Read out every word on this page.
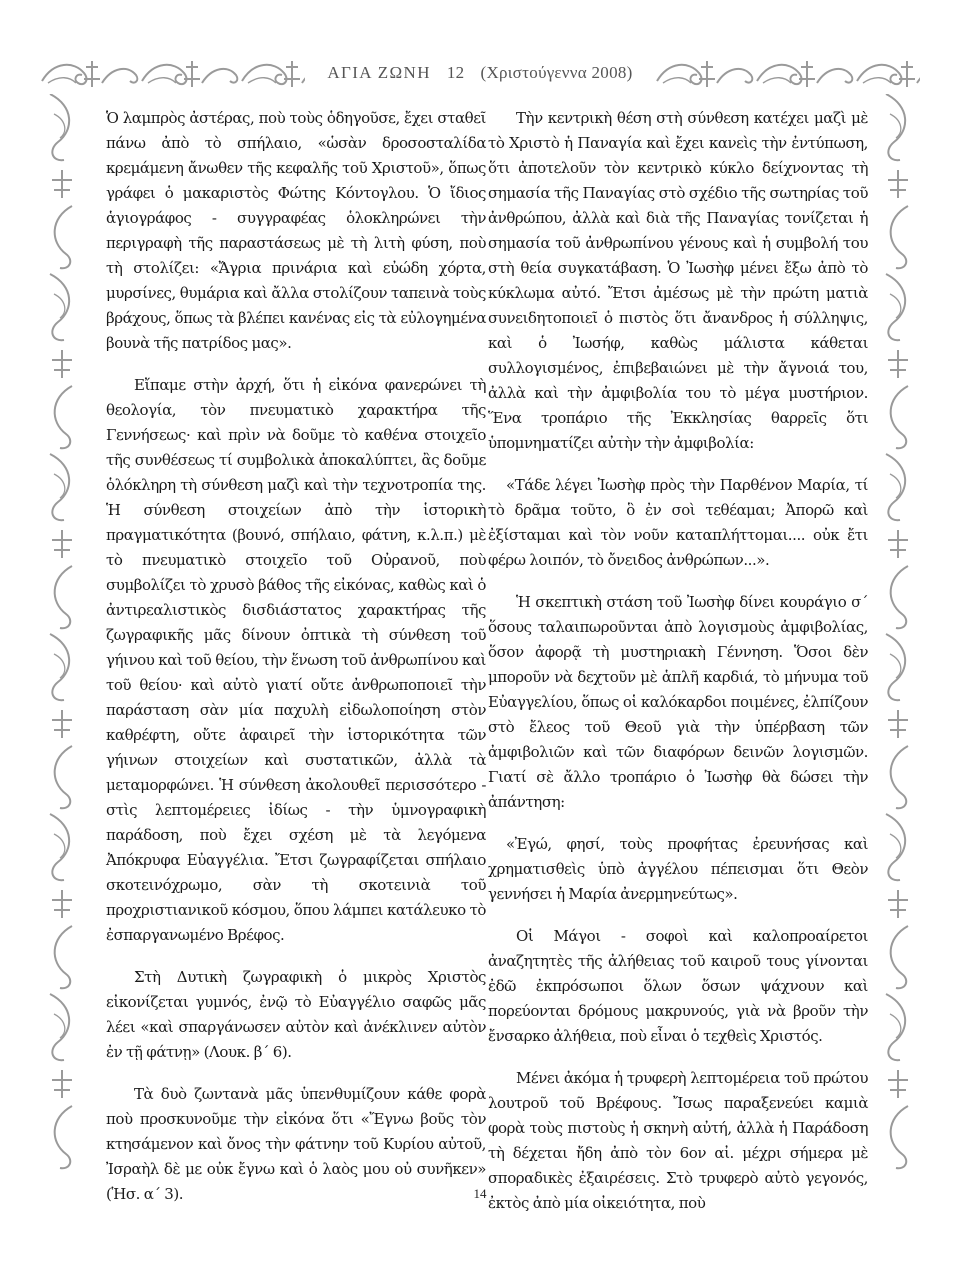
ΑΓΙΑ ΖΩΝΗ 12 (Χριστούγεννα 2008)

Ὁ λαμπρὸς ἀστέρας, ποὺ τοὺς ὁδηγοῦσε, ἔχει σταθεῖ πάνω ἀπὸ τὸ σπήλαιο, «ὡσὰν δροσοσταλίδα κρεμάμενη ἄνωθεν τῆς κεφαλῆς τοῦ Χριστοῦ», ὅπως γράφει ὁ μακαριστὸς Φώτης Κόντογλου. Ὁ ἴδιος ἁγιογράφος - συγγραφέας ὁλοκληρώνει τὴν περιγραφὴ τῆς παραστάσεως μὲ τὴ λιτὴ φύση, ποὺ τὴ στολίζει: «Ἄγρια πρινάρια καὶ εὐώδη χόρτα, μυρσίνες, θυμάρια καὶ ἄλλα στολίζουν ταπεινὰ τοὺς βράχους, ὅπως τὰ βλέπει κανένας εἰς τὰ εὐλογημένα βουνὰ τῆς πατρίδος μας».

Εἴπαμε στὴν ἀρχή, ὅτι ἡ εἰκόνα φανερώνει τὴ θεολογία, τὸν πνευματικὸ χαρακτήρα τῆς Γεννήσεως· καὶ πρὶν νὰ δοῦμε τὸ καθένα στοιχεῖο τῆς συνθέσεως τί συμβολικὰ ἀποκαλύπτει, ἂς δοῦμε ὁλόκληρη τὴ σύνθεση μαζὶ καὶ τὴν τεχνοτροπία της. Ἡ σύνθεση στοιχείων ἀπὸ τὴν ἱστορικὴ πραγματικότητα (βουνό, σπήλαιο, φάτνη, κ.λ.π.) μὲ τὸ πνευματικὸ στοιχεῖο τοῦ Οὐρανοῦ, ποὺ συμβολίζει τὸ χρυσὸ βάθος τῆς εἰκόνας, καθὼς καὶ ὁ ἀντιρεαλιστικὸς δισδιάστατος χαρακτήρας τῆς ζωγραφικῆς μᾶς δίνουν ὀπτικὰ τὴ σύνθεση τοῦ γήινου καὶ τοῦ θείου, τὴν ἕνωση τοῦ ἀνθρωπίνου καὶ τοῦ θείου· καὶ αὐτὸ γιατί οὔτε ἀνθρωποποιεῖ τὴν παράσταση σὰν μία παχυλὴ εἰδωλοποίηση στὸν καθρέφτη, οὔτε ἀφαιρεῖ τὴν ἱστορικότητα τῶν γήινων στοιχείων καὶ συστατικῶν, ἀλλὰ τὰ μεταμορφώνει. Ἡ σύνθεση ἀκολουθεῖ περισσότερο - στὶς λεπτομέρειες ἰδίως - τὴν ὑμνογραφικὴ παράδοση, ποὺ ἔχει σχέση μὲ τὰ λεγόμενα Ἀπόκρυφα Εὐαγγέλια. Ἔτσι ζωγραφίζεται σπήλαιο σκοτεινόχρωμο, σὰν τὴ σκοτεινιὰ τοῦ προχριστιανικοῦ κόσμου, ὅπου λάμπει κατάλευκο τὸ ἐσπαργανωμένο Βρέφος.

Στὴ Δυτικὴ ζωγραφικὴ ὁ μικρὸς Χριστὸς εἰκονίζεται γυμνός, ἐνῷ τὸ Εὐαγγέλιο σαφῶς μᾶς λέει «καὶ σπαργάνωσεν αὐτὸν καὶ ἀνέκλινεν αὐτὸν ἐν τῇ φάτνῃ» (Λουκ. β΄ 6).

Τὰ δυὸ ζωντανὰ μᾶς ὑπενθυμίζουν κάθε φορὰ ποὺ προσκυνοῦμε τὴν εἰκόνα ὅτι «Ἔγνω βοῦς τὸν κτησάμενον καὶ ὄνος τὴν φάτνην τοῦ Κυρίου αὐτοῦ, Ἰσραὴλ δὲ με οὐκ ἔγνω καὶ ὁ λαὸς μου οὐ συνῆκεν» (Ἡσ. α΄ 3).

Τὴν κεντρικὴ θέση στὴ σύνθεση κατέχει μαζὶ μὲ τὸ Χριστὸ ἡ Παναγία καὶ ἔχει κανεὶς τὴν ἐντύπωση, ὅτι ἀποτελοῦν τὸν κεντρικὸ κύκλο δείχνοντας τὴ σημασία τῆς Παναγίας στὸ σχέδιο τῆς σωτηρίας τοῦ ἀνθρώπου, ἀλλὰ καὶ διὰ τῆς Παναγίας τονίζεται ἡ σημασία τοῦ ἀνθρωπίνου γένους καὶ ἡ συμβολή του στὴ θεία συγκατάβαση. Ὁ Ἰωσὴφ μένει ἔξω ἀπὸ τὸ κύκλωμα αὐτό. Ἔτσι ἀμέσως μὲ τὴν πρώτη ματιὰ συνειδητοποιεῖ ὁ πιστὸς ὅτι ἄνανδρος ἡ σύλληψις, καὶ ὁ Ἰωσήφ, καθὼς μάλιστα κάθεται συλλογισμένος, ἐπιβεβαιώνει μὲ τὴν ἄγνοιά του, ἀλλὰ καὶ τὴν ἀμφιβολία του τὸ μέγα μυστήριον. Ἕνα τροπάριο τῆς Ἐκκλησίας θαρρεῖς ὅτι ὑπομνηματίζει αὐτὴν τὴν ἀμφιβολία:

«Τάδε λέγει Ἰωσὴφ πρὸς τὴν Παρθένον Μαρία, τί τὸ δρᾶμα τοῦτο, ὃ ἐν σοὶ τεθέαμαι; Ἀπορῶ καὶ ἐξίσταμαι καὶ τὸν νοῦν καταπλήττομαι.... οὐκ ἔτι φέρω λοιπόν, τὸ ὄνειδος ἀνθρώπων...».

Ἡ σκεπτικὴ στάση τοῦ Ἰωσὴφ δίνει κουράγιο σ΄ ὅσους ταλαιπωροῦνται ἀπὸ λογισμοὺς ἀμφιβολίας, ὅσον ἀφορᾷ τὴ μυστηριακὴ Γέννηση. Ὅσοι δὲν μποροῦν νὰ δεχτοῦν μὲ ἁπλῆ καρδιά, τὸ μήνυμα τοῦ Εὐαγγελίου, ὅπως οἱ καλόκαρδοι ποιμένες, ἐλπίζουν στὸ ἔλεος τοῦ Θεοῦ γιὰ τὴν ὑπέρβαση τῶν ἀμφιβολιῶν καὶ τῶν διαφόρων δεινῶν λογισμῶν. Γιατί σὲ ἄλλο τροπάριο ὁ Ἰωσὴφ θὰ δώσει τὴν ἀπάντηση:

«Ἐγώ, φησί, τοὺς προφήτας ἐρευνήσας καὶ χρηματισθεὶς ὑπὸ ἀγγέλου πέπεισμαι ὅτι Θεὸν γεννήσει ἡ Μαρία ἀνερμηνεύτως».

Οἱ Μάγοι - σοφοὶ καὶ καλοπροαίρετοι ἀναζητητὲς τῆς ἀλήθειας τοῦ καιροῦ τους γίνονται ἐδῶ ἐκπρόσωποι ὅλων ὅσων ψάχνουν καὶ πορεύονται δρόμους μακρυνούς, γιὰ νὰ βροῦν τὴν ἔνσαρκο ἀλήθεια, ποὺ εἶναι ὁ τεχθεὶς Χριστός.

Μένει ἀκόμα ἡ τρυφερὴ λεπτομέρεια τοῦ πρώτου λουτροῦ τοῦ Βρέφους. Ἴσως παραξενεύει καμιὰ φορὰ τοὺς πιστοὺς ἡ σκηνὴ αὐτή, ἀλλὰ ἡ Παράδοση τὴ δέχεται ἤδη ἀπὸ τὸν 6ον αἰ. μέχρι σήμερα μὲ σποραδικὲς ἐξαιρέσεις. Στὸ τρυφερὸ αὐτὸ γεγονός, ἐκτὸς ἀπὸ μία οἰκειότητα, ποὺ

14
